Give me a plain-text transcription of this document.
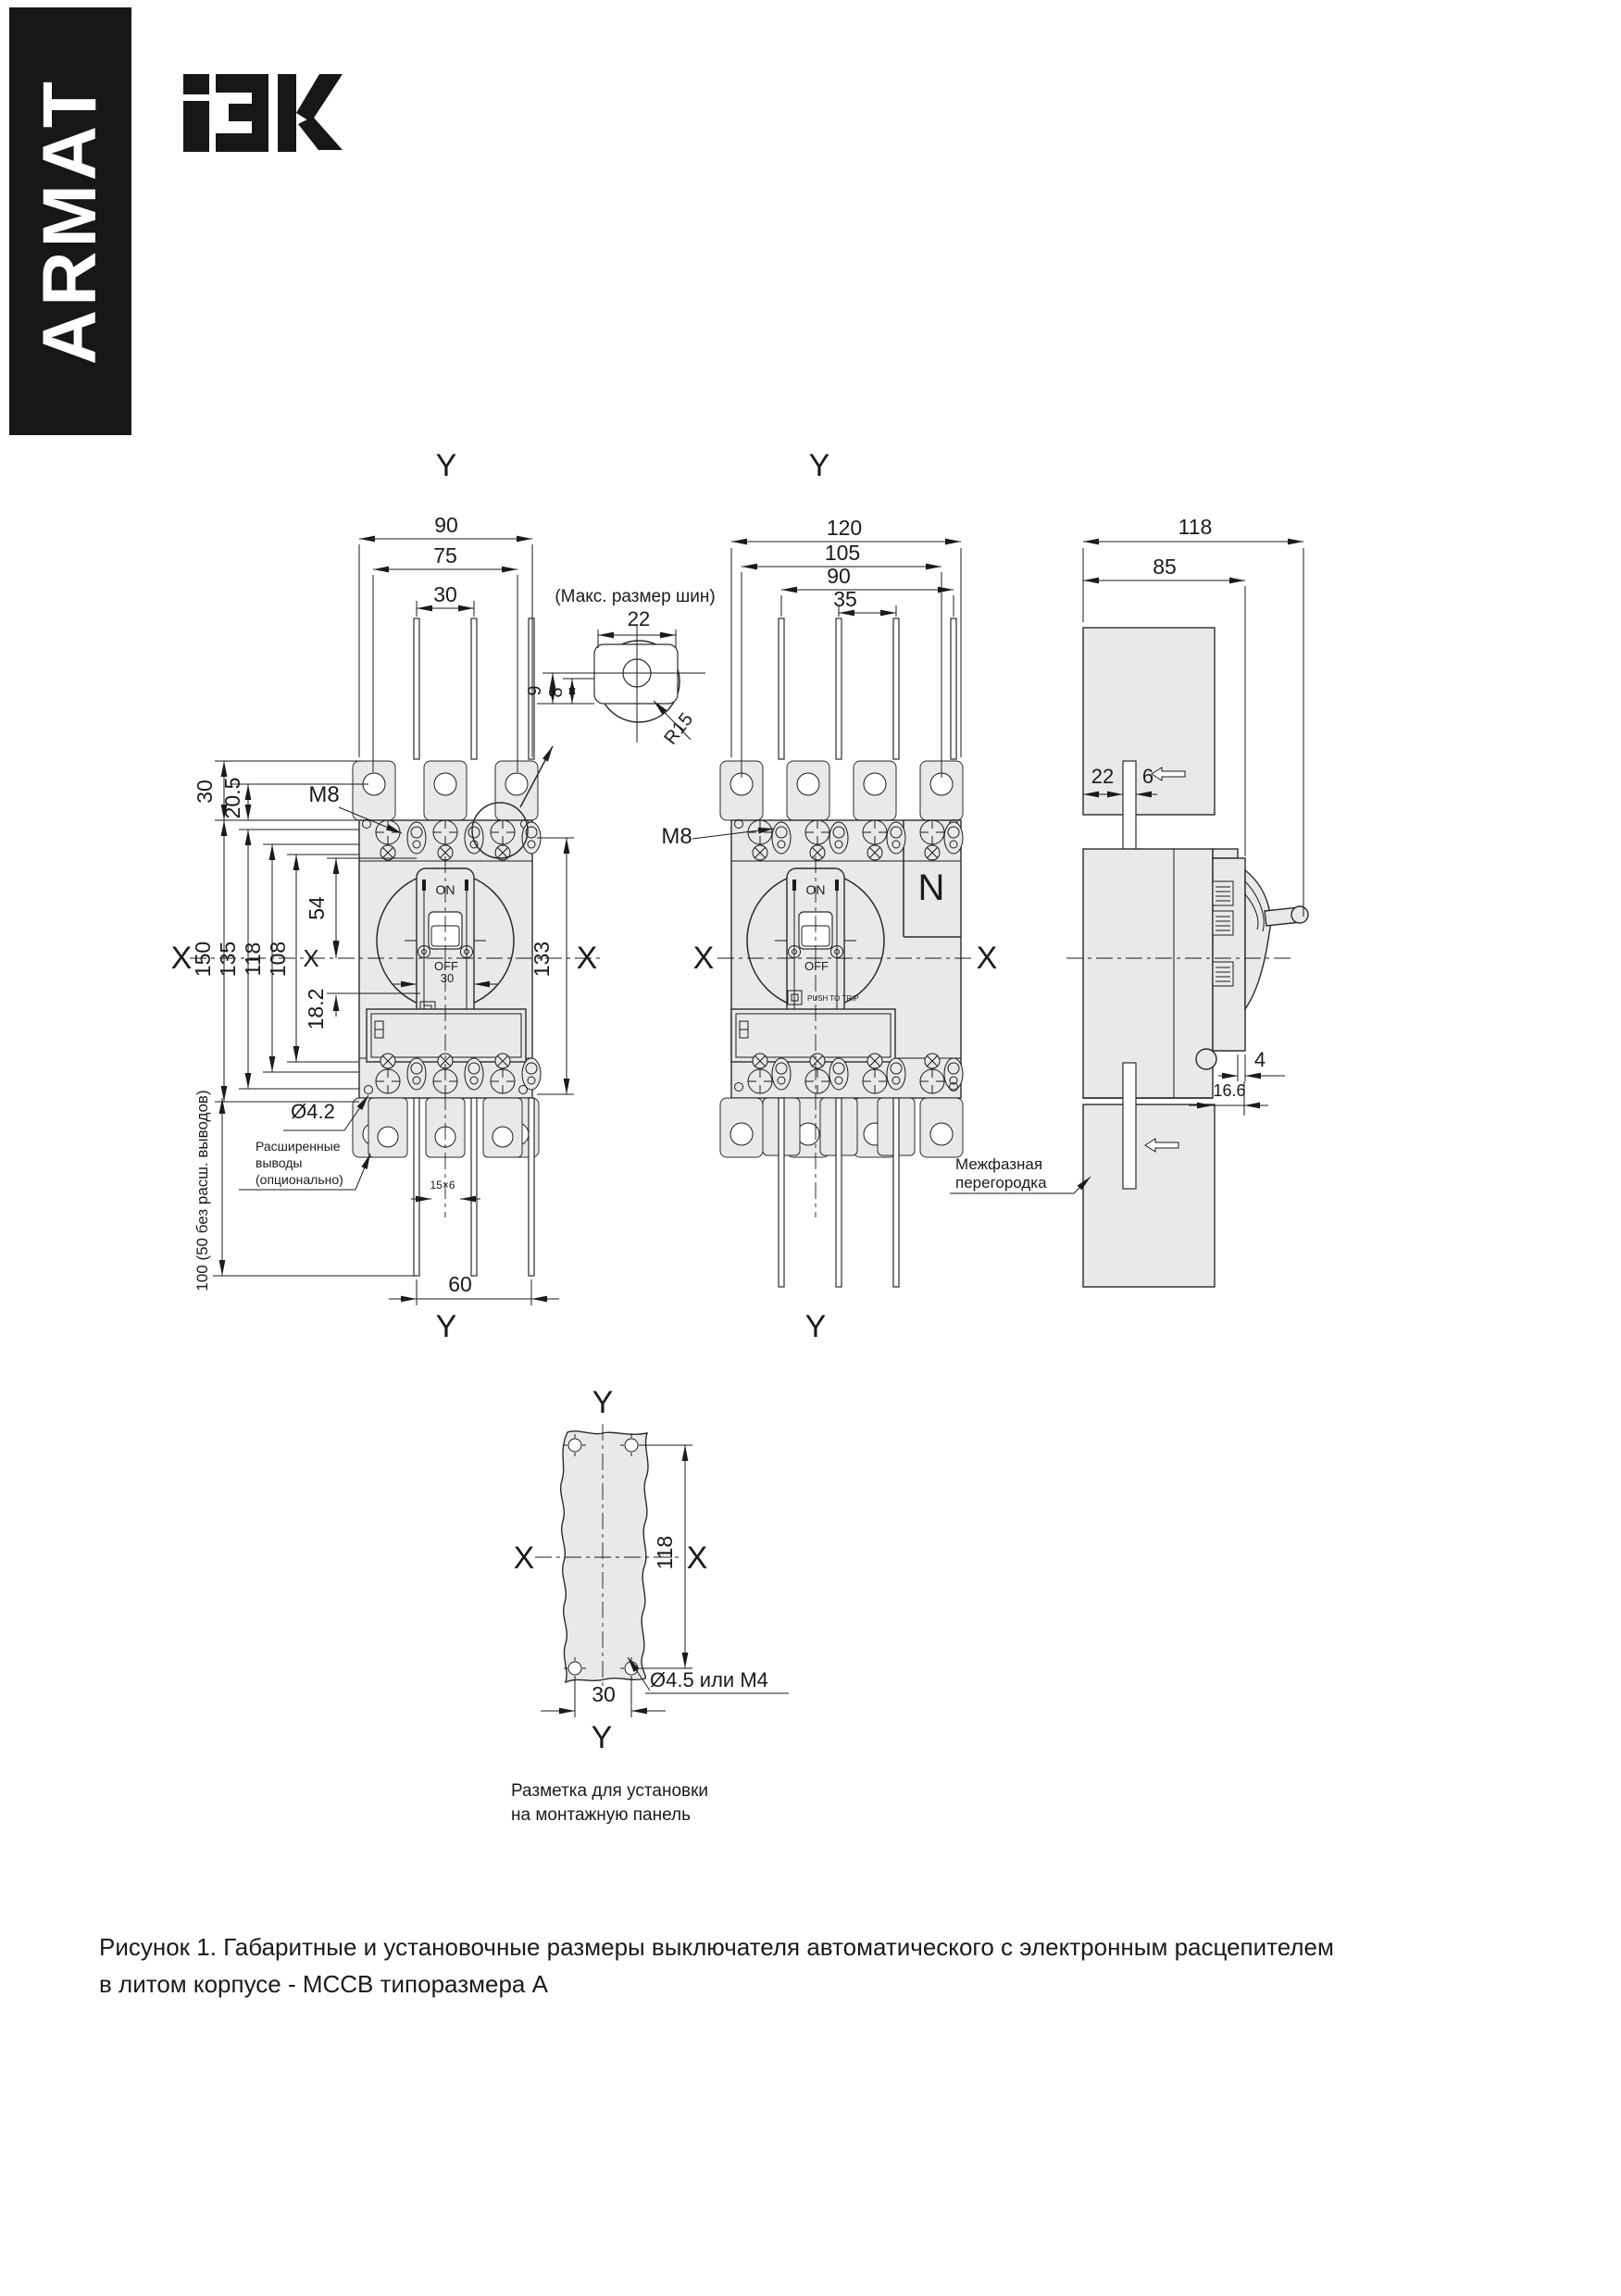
ARMAT
ON
OFF
30
Y
90
75
30
30 20.5	M8
150 135 118 108
54
18.2
X	X	X
133
Ø4.2
Расширенные
выводы
(опционально)
100 (50 без расш. выводов)	15×6
60
Y
(Макс. размер шин)
22
9 8
R15
N
ON
OFF
PUSH TO TRIP
Y
120
105
90
35
M8
X	X
Y
118
85
22 6
4
16.6
Межфазная
перегородка
X	X
118
30
Ø4.5 или М4
Y
Y
Разметка для установки
на монтажную панель
Рисунок 1. Габаритные и установочные размеры выключателя автоматического с электронным расцепителем
в литом корпусе - МССВ типоразмера А
